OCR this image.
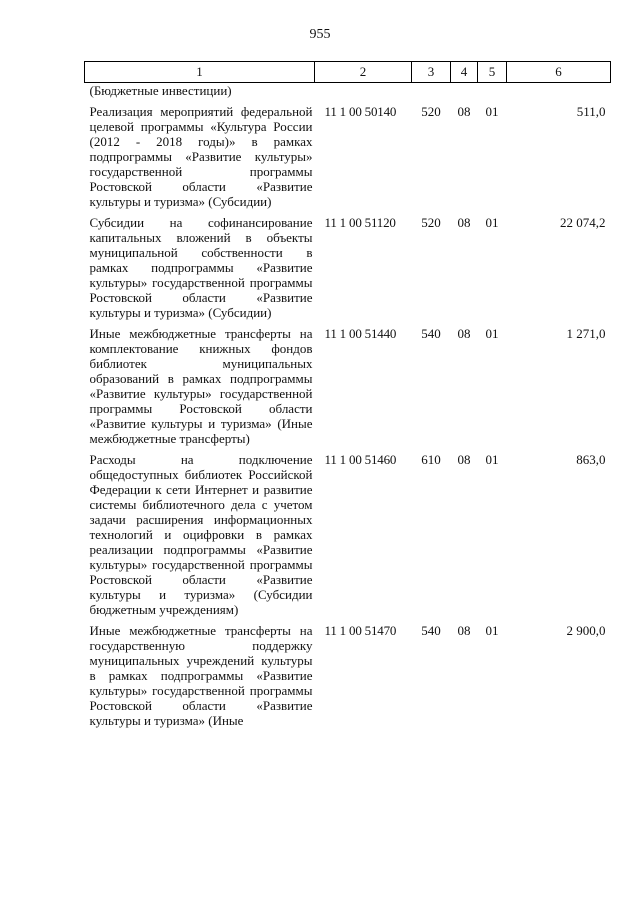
955
1	2	3	4	5	6
(Бюджетные инвестиции)					
Реализация мероприятий федеральной целевой программы «Культура России (2012 - 2018 годы)» в рамках подпрограммы «Развитие культуры» государственной программы Ростовской области «Развитие культуры и туризма» (Субсидии)	11 1 00 50140	520	08	01	511,0
Субсидии на софинансирование капитальных вложений в объекты муниципальной собственности в рамках подпрограммы «Развитие культуры» государственной программы Ростовской области «Развитие культуры и туризма» (Субсидии)	11 1 00 51120	520	08	01	22 074,2
Иные межбюджетные трансферты на комплектование книжных фондов библиотек муниципальных образований в рамках подпрограммы «Развитие культуры» государственной программы Ростовской области «Развитие культуры и туризма» (Иные межбюджетные трансферты)	11 1 00 51440	540	08	01	1 271,0
Расходы на подключение общедоступных библиотек Российской Федерации к сети Интернет и развитие системы библиотечного дела с учетом задачи расширения информационных технологий и оцифровки в рамках реализации подпрограммы «Развитие культуры» государственной программы Ростовской области «Развитие культуры и туризма» (Субсидии бюджетным учреждениям)	11 1 00 51460	610	08	01	863,0
Иные межбюджетные трансферты на государственную поддержку муниципальных учреждений культуры в рамках подпрограммы «Развитие культуры» государственной программы Ростовской области «Развитие культуры и туризма» (Иные	11 1 00 51470	540	08	01	2 900,0
